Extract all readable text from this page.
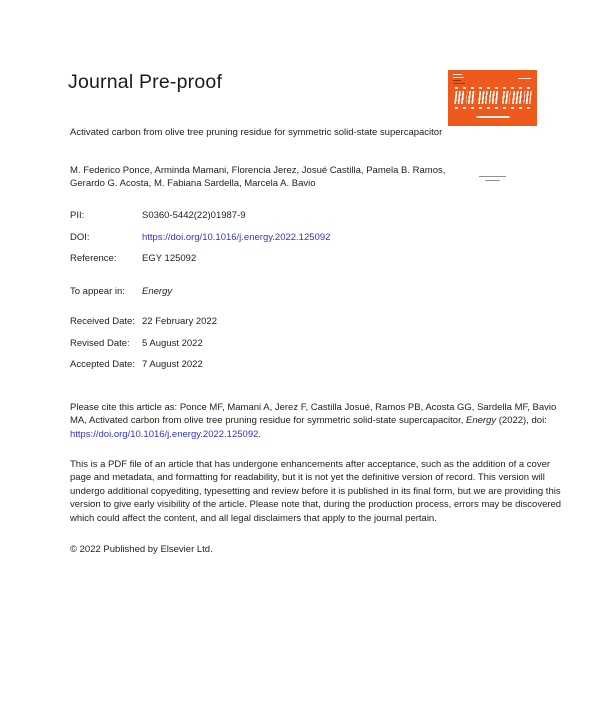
Journal Pre-proof

Activated carbon from olive tree pruning residue for symmetric solid-state supercapacitor

M. Federico Ponce, Arminda Mamani, Florencia Jerez, Josué Castilla, Pamela B. Ramos, Gerardo G. Acosta, M. Fabiana Sardella, Marcela A. Bavio

PII:	S0360-5442(22)01987-9
DOI:	https://doi.org/10.1016/j.energy.2022.125092
Reference:	EGY 125092
To appear in:	Energy
Received Date: 22 February 2022
Revised Date:	5 August 2022
Accepted Date: 7 August 2022

Please cite this article as: Ponce MF, Mamani A, Jerez F, Castilla Josué, Ramos PB, Acosta GG, Sardella MF, Bavio MA, Activated carbon from olive tree pruning residue for symmetric solid-state supercapacitor, Energy (2022), doi: https://doi.org/10.1016/j.energy.2022.125092.

This is a PDF file of an article that has undergone enhancements after acceptance, such as the addition of a cover page and metadata, and formatting for readability, but it is not yet the definitive version of record. This version will undergo additional copyediting, typesetting and review before it is published in its final form, but we are providing this version to give early visibility of the article. Please note that, during the production process, errors may be discovered which could affect the content, and all legal disclaimers that apply to the journal pertain.

© 2022 Published by Elsevier Ltd.
